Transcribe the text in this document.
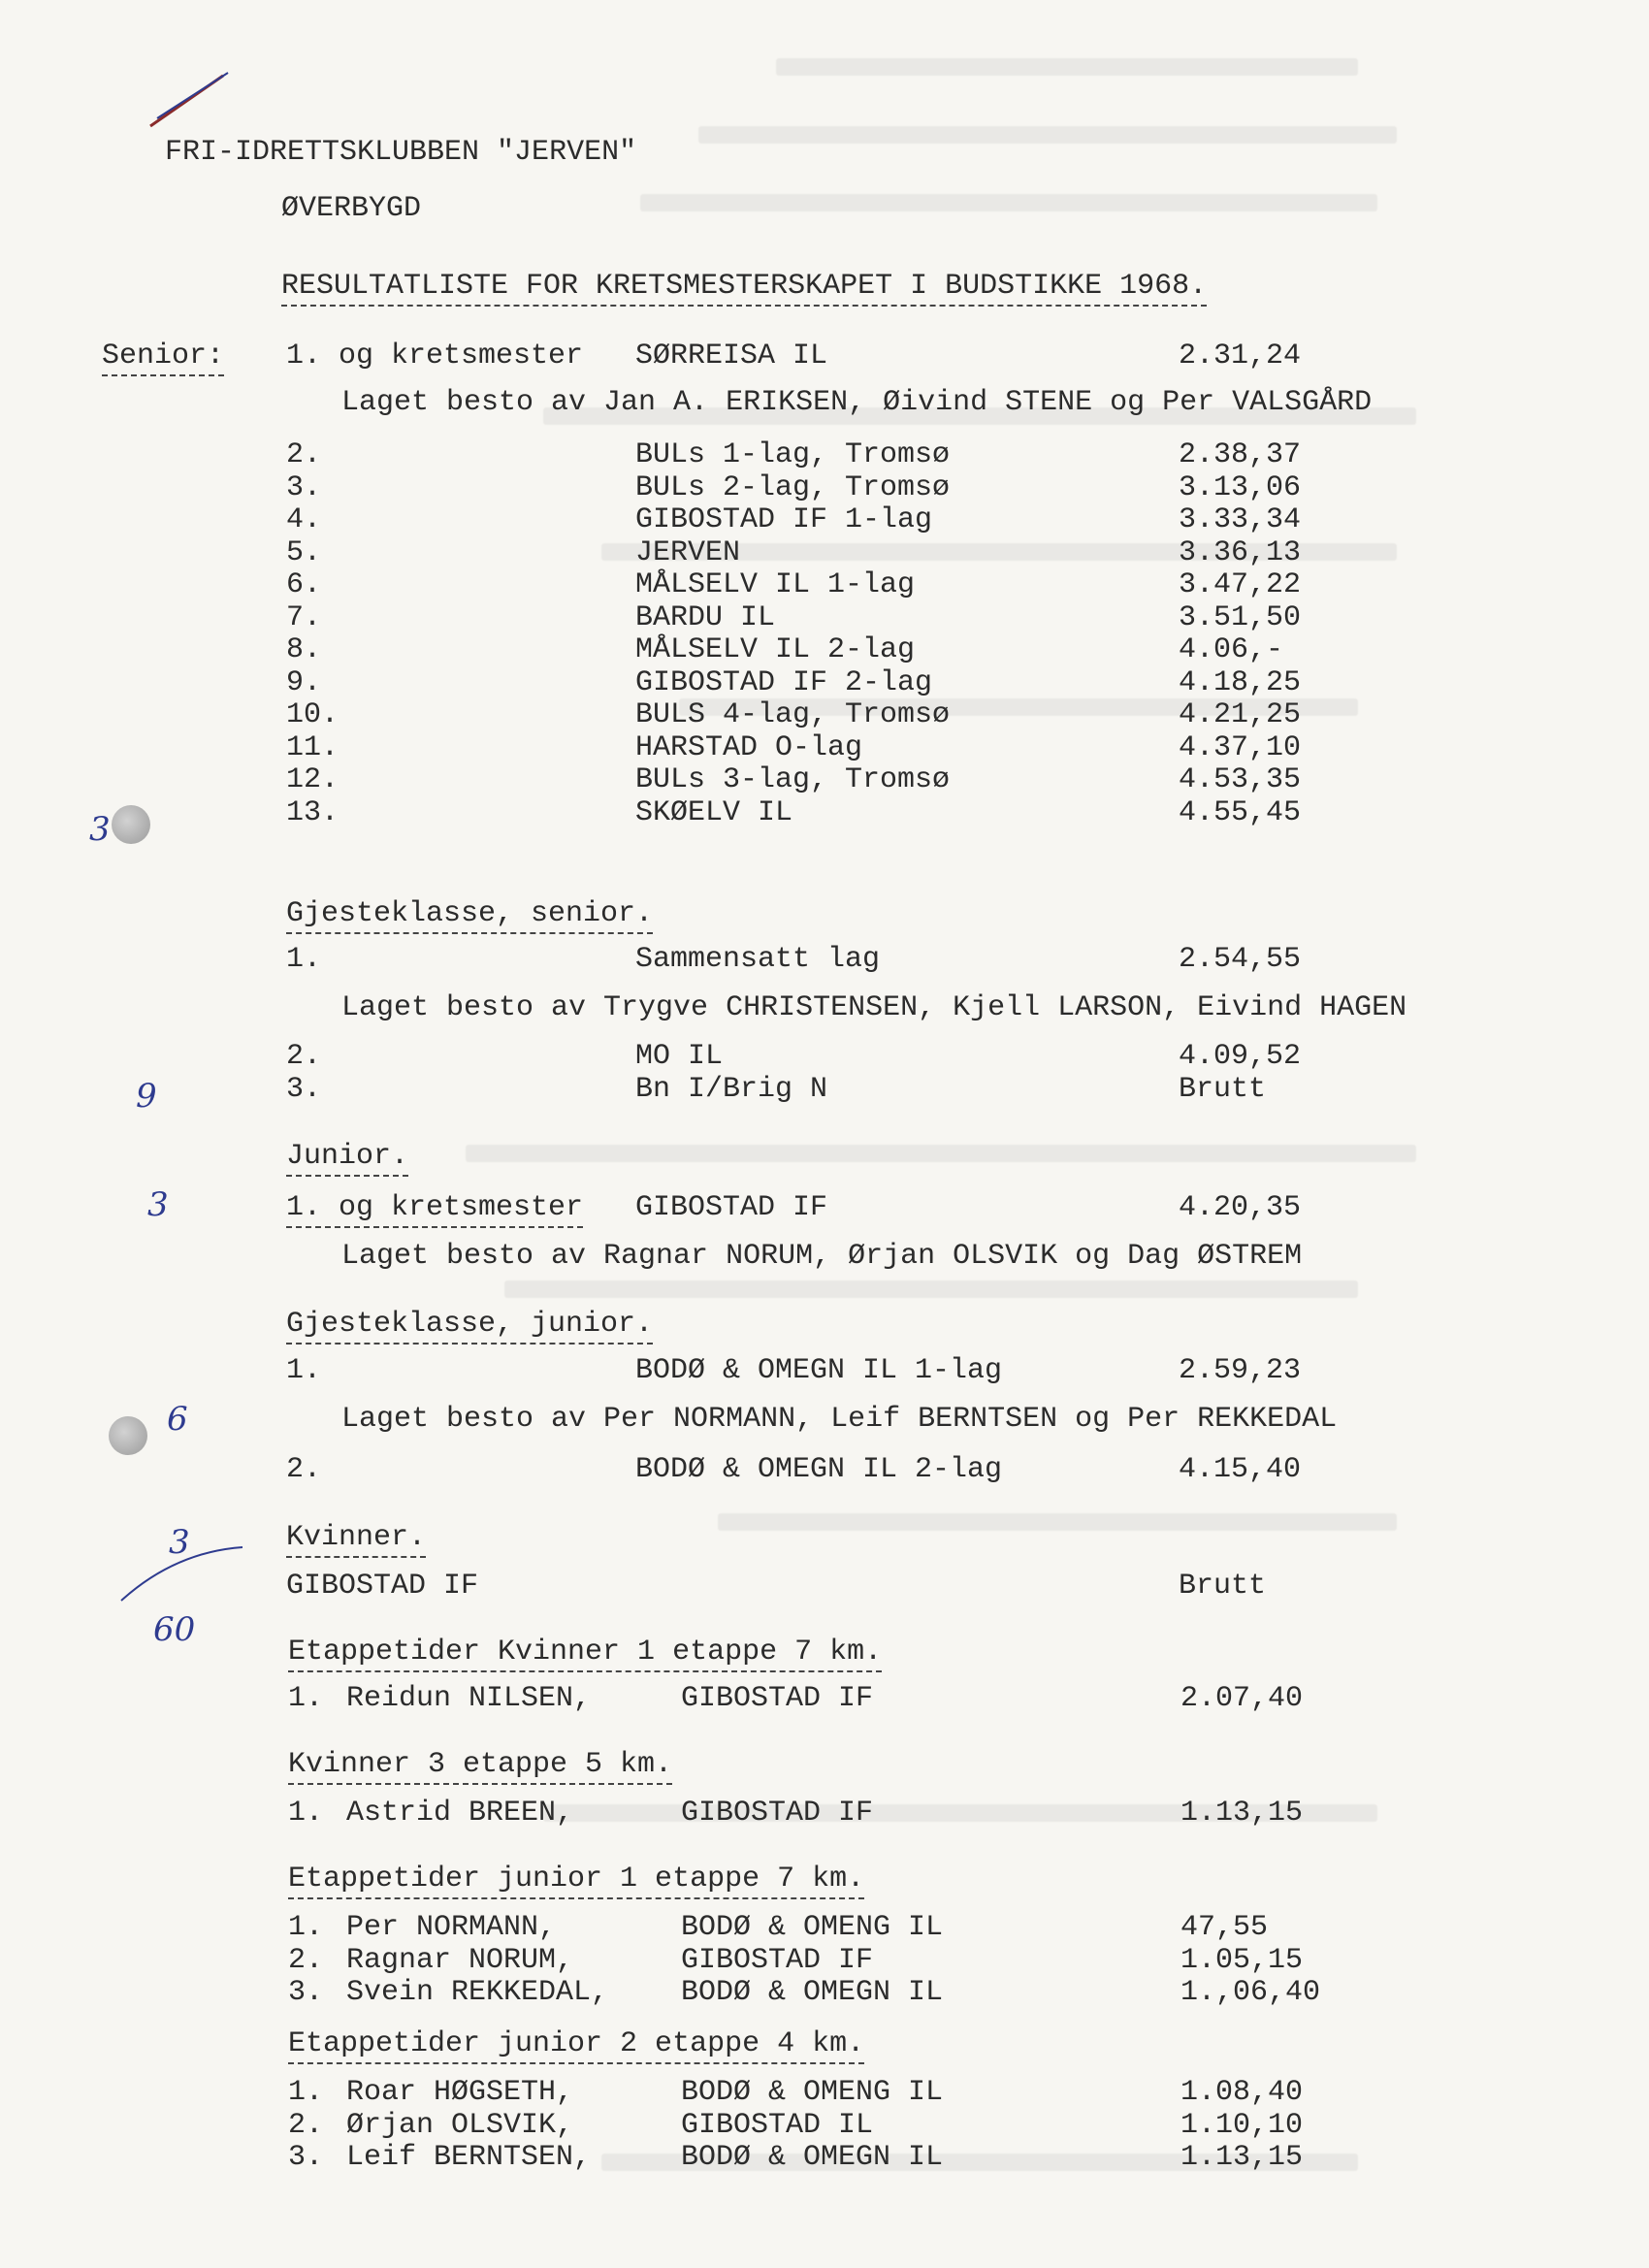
3
9
3
6
3
60
FRI-IDRETTSKLUBBEN "JERVEN"
ØVERBYGD
RESULTATLISTE FOR KRETSMESTERSKAPET I BUDSTIKKE 1968.
Senior: 1. og kretsmester SØRREISA IL	2.31,24
Laget besto av Jan A. ERIKSEN, Øivind STENE og Per VALSGÅRD
2.	BULs 1-lag, Tromsø	2.38,37
3.	BULs 2-lag, Tromsø	3.13,06
4.	GIBOSTAD IF 1-lag	3.33,34
5.	JERVEN	3.36,13
6.	MÅLSELV IL 1-lag	3.47,22
7.	BARDU IL	3.51,50
8.	MÅLSELV IL 2-lag	4.06,-
9.	GIBOSTAD IF 2-lag	4.18,25
10.	BULS 4-lag, Tromsø	4.21,25
11.	HARSTAD O-lag	4.37,10
12.	BULs 3-lag, Tromsø	4.53,35
13.	SKØELV IL	4.55,45
Gjesteklasse, senior.
1.	Sammensatt lag	2.54,55
Laget besto av Trygve CHRISTENSEN, Kjell LARSON, Eivind HAGEN
2.	MO IL	4.09,52
3.	Bn I/Brig N	Brutt
Junior.
1. og kretsmester GIBOSTAD IF	4.20,35
Laget besto av Ragnar NORUM, Ørjan OLSVIK og Dag ØSTREM
Gjesteklasse, junior.
1.	BODØ & OMEGN IL 1-lag	2.59,23
Laget besto av Per NORMANN, Leif BERNTSEN og Per REKKEDAL
2.	BODØ & OMEGN IL 2-lag	4.15,40
Kvinner.
GIBOSTAD IF	Brutt
Etappetider Kvinner 1 etappe 7 km.
1. Reidun NILSEN,	GIBOSTAD IF	2.07,40
Kvinner 3 etappe 5 km.
1. Astrid BREEN,	GIBOSTAD IF	1.13,15
Etappetider junior 1 etappe 7 km.
1. Per NORMANN,	BODØ & OMENG IL	47,55
2. Ragnar NORUM,	GIBOSTAD IF	1.05,15
3. Svein REKKEDAL, BODØ & OMEGN IL	1.,06,40
Etappetider junior 2 etappe 4 km.
1. Roar HØGSETH,	BODØ & OMENG IL	1.08,40
2. Ørjan OLSVIK,	GIBOSTAD IL	1.10,10
3. Leif BERNTSEN,	BODØ & OMEGN IL	1.13,15
